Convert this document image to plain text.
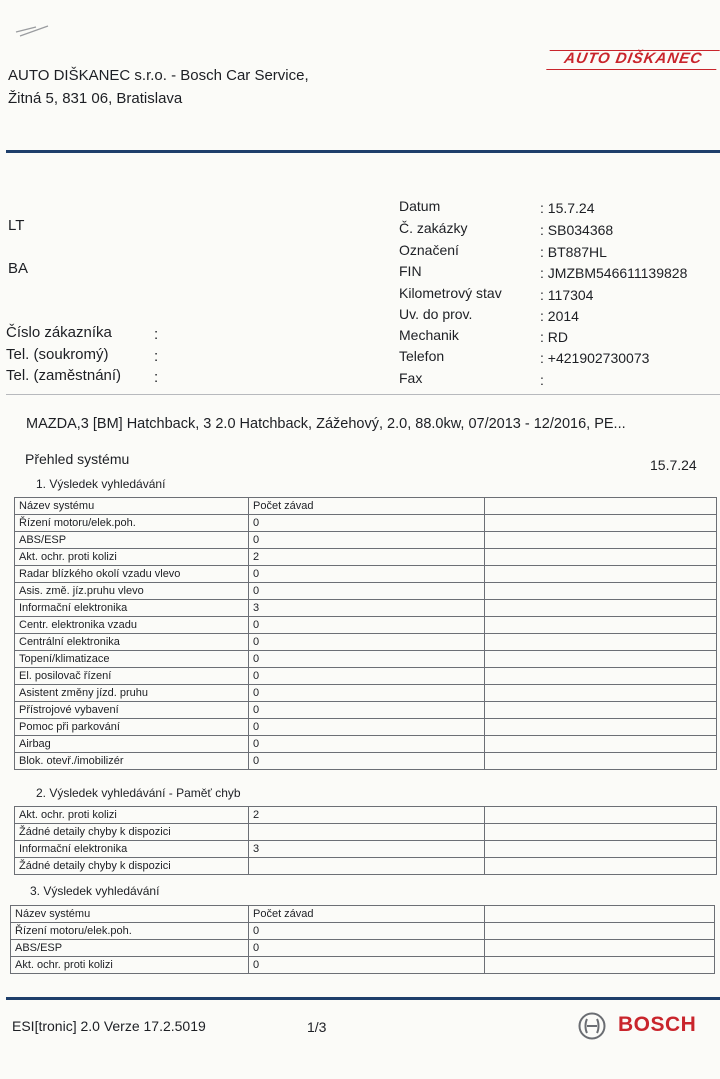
AUTO DIŠKANEC
AUTO DIŠKANEC s.r.o. - Bosch Car Service,
Žitná 5, 831 06, Bratislava
LT
BA
Číslo zákazníka	:
Tel. (soukromý)	:
Tel. (zaměstnání) :
Datum	: 15.7.24
Č. zakázky	: SB034368
Označení	: BT887HL
FIN	: JMZBM546611139828
Kilometrový stav	: 117304
Uv. do prov.	: 2014
Mechanik	: RD
Telefon	: +421902730073
Fax	:
MAZDA,3 [BM] Hatchback, 3 2.0 Hatchback, Zážehový, 2.0, 88.0kw, 07/2013 - 12/2016, PE...
Přehled systému	15.7.24
1. Výsledek vyhledávání
Název systému	Počet závad	
Řízení motoru/elek.poh.	0	
ABS/ESP	0	
Akt. ochr. proti kolizi	2	
Radar blízkého okolí vzadu vlevo	0	
Asis. změ. jíz.pruhu vlevo	0	
Informační elektronika	3	
Centr. elektronika vzadu	0	
Centrální elektronika	0	
Topení/klimatizace	0	
El. posilovač řízení	0	
Asistent změny jízd. pruhu	0	
Přístrojové vybavení	0	
Pomoc při parkování	0	
Airbag	0	
Blok. otevř./imobilizér	0	
2. Výsledek vyhledávání - Paměť chyb
Akt. ochr. proti kolizi	2	
Žádné detaily chyby k dispozici		
Informační elektronika	3	
Žádné detaily chyby k dispozici		
3. Výsledek vyhledávání
Název systému	Počet závad	
Řízení motoru/elek.poh.	0	
ABS/ESP	0	
Akt. ochr. proti kolizi	0	
ESI[tronic] 2.0 Verze 17.2.5019	1/3	BOSCH
